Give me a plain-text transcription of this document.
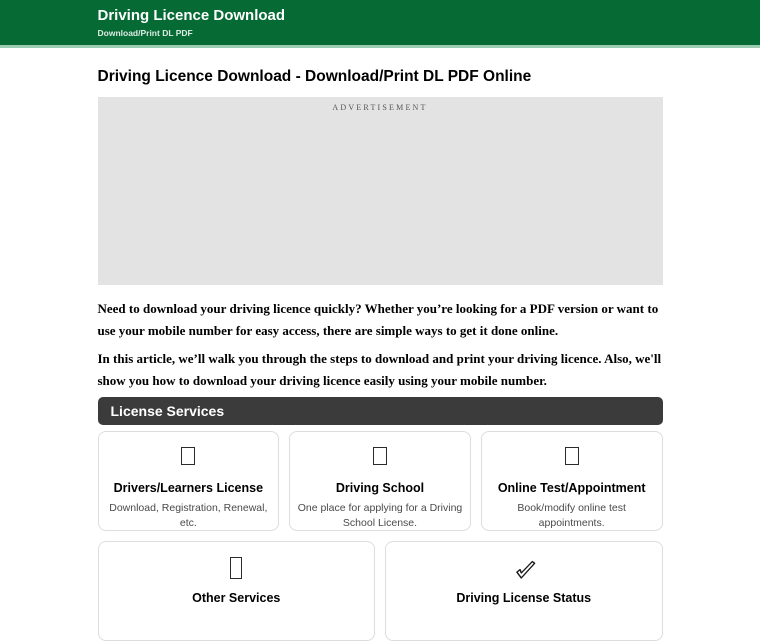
Driving Licence Download
Download/Print DL PDF
Driving Licence Download - Download/Print DL PDF Online
ADVERTISEMENT

Need to download your driving licence quickly? Whether you’re looking for a PDF version or want to use your mobile number for easy access, there are simple ways to get it done online.

In this article, we’ll walk you through the steps to download and print your driving licence. Also, we'll show you how to download your driving licence easily using your mobile number.

License Services
Drivers/Learners License
Download, Registration, Renewal, etc.
Driving School
One place for applying for a Driving School License.
Online Test/Appointment
Book/modify online test appointments.
Other Services	Driving License Status
